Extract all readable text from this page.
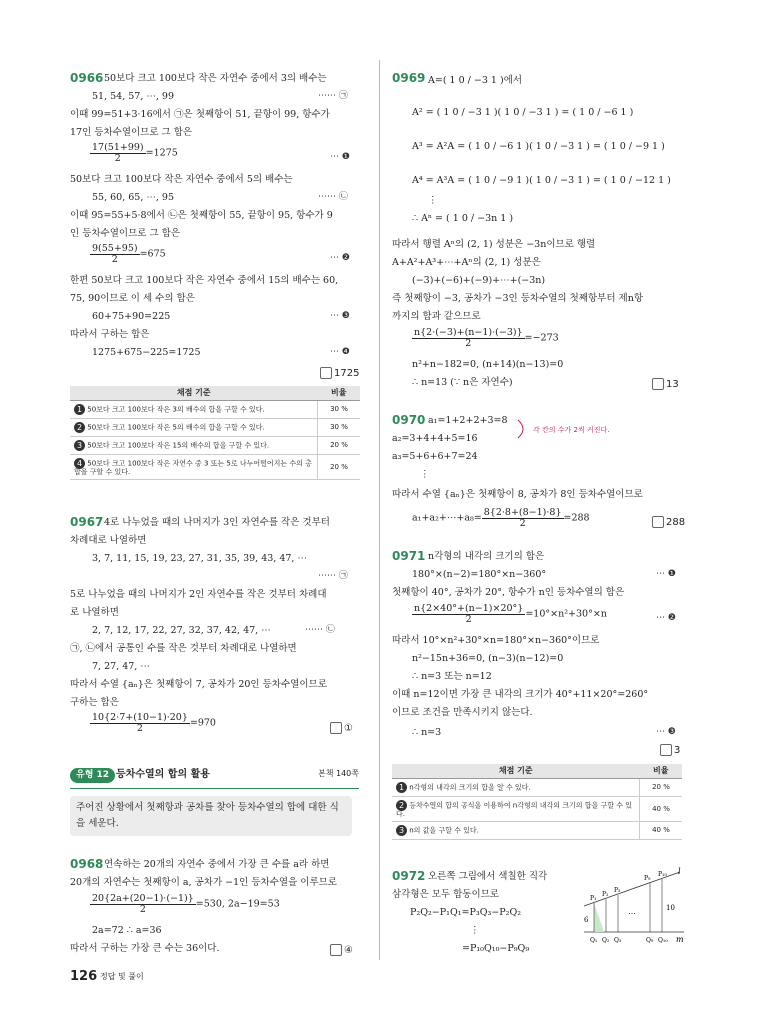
0966 50보다 크고 100보다 작은 자연수 중에서 3의 배수는
51, 54, 57, ⋯, 99	⋯⋯ ㉠
이때 99=51+3·16에서 ㉠은 첫째항이 51, 끝항이 99, 항수가
17인 등차수열이므로 그 합은
$\frac{17(51+99)}{2} =1275$	⋯ ❶
50보다 크고 100보다 작은 자연수 중에서 5의 배수는
55, 60, 65, ⋯, 95	⋯⋯ ㉡
이때 95=55+5·8에서 ㉡은 첫째항이 55, 끝항이 95, 항수가 9
인 등차수열이므로 그 합은
$\frac{9(55+95)}{2} =675$	⋯ ❷
한편 50보다 크고 100보다 작은 자연수 중에서 15의 배수는 60,
75, 90이므로 이 세 수의 합은
60+75+90=225	⋯ ❸
따라서 구하는 합은
1275+675−225=1725	⋯ ❹
1725
채점 기준	비율
1 50보다 크고 100보다 작은 3의 배수의 합을 구할 수 있다.	30 %
2 50보다 크고 100보다 작은 5의 배수의 합을 구할 수 있다.	30 %
3 50보다 크고 100보다 작은 15의 배수의 합을 구할 수 있다.	20 %
4 50보다 크고 100보다 작은 자연수 중 3 또는 5로 나누어떨어지는 수의 총합을 구할 수 있다.	20 %
0967 4로 나누었을 때의 나머지가 3인 자연수를 작은 것부터
차례대로 나열하면
3, 7, 11, 15, 19, 23, 27, 31, 35, 39, 43, 47, ⋯
⋯⋯ ㉠
5로 나누었을 때의 나머지가 2인 자연수를 작은 것부터 차례대
로 나열하면
2, 7, 12, 17, 22, 27, 32, 37, 42, 47, ⋯	⋯⋯ ㉡
㉠, ㉡에서 공통인 수를 작은 것부터 차례대로 나열하면
7, 27, 47, ⋯
따라서 수열 {aₙ}은 첫째항이 7, 공차가 20인 등차수열이므로
구하는 합은
$\frac{10\{2\cdot 7+(10-1)\cdot 20\}}{2} =970$	①
유형 12 등차수열의 합의 활용	본책 140쪽
주어진 상황에서 첫째항과 공차를 찾아 등차수열의 합에 대한 식을 세운다.
0968 연속하는 20개의 자연수 중에서 가장 큰 수를 a라 하면
20개의 자연수는 첫째항이 a, 공차가 −1인 등차수열을 이루므로
$\frac{20\{2a+(20-1)\cdot(-1)\}}{2} =530$, 2a−19=53
2a=72 ∴ a=36
따라서 구하는 가장 큰 수는 36이다.	④
126 정답 및 풀이
0969 A=( 1 0 / −3 1 )에서
A² = ( 1 0 / −3 1 )( 1 0 / −3 1 ) = ( 1 0 / −6 1 )
A³ = A²A = ( 1 0 / −6 1 )( 1 0 / −3 1 ) = ( 1 0 / −9 1 )
A⁴ = A³A = ( 1 0 / −9 1 )( 1 0 / −3 1 ) = ( 1 0 / −12 1 )
⋮
∴ Aⁿ = ( 1 0 / −3n 1 )
따라서 행렬 Aⁿ의 (2, 1) 성분은 −3n이므로 행렬
A+A²+A³+⋯+Aⁿ의 (2, 1) 성분은
(−3)+(−6)+(−9)+⋯+(−3n)
즉 첫째항이 −3, 공차가 −3인 등차수열의 첫째항부터 제n항
까지의 합과 같으므로
$\frac{n\{2\cdot(-3)+(n-1)\cdot(-3)\}}{2} =-273$
n²+n−182=0, (n+14)(n−13)=0
∴ n=13 (∵ n은 자연수)	13
0970 a₁=1+2+2+3=8
각 칸의 수가 2씩 커진다.
a₂=3+4+4+5=16
a₃=5+6+6+7=24
⋮
따라서 수열 {aₙ}은 첫째항이 8, 공차가 8인 등차수열이므로
a₁+a₂+⋯+a₈= $\frac{8\{2\cdot 8+(8-1)\cdot 8\}}{2} =288$	288
0971 n각형의 내각의 크기의 합은
180°×(n−2)=180°×n−360°	⋯ ❶
첫째항이 40°, 공차가 20°, 항수가 n인 등차수열의 합은
$\frac{n\{2\times 40^\circ+(n-1)\times 20^\circ\}}{2} =10^\circ\times n^2+30^\circ\times n$	⋯ ❷
따라서 10°×n²+30°×n=180°×n−360°이므로
n²−15n+36=0, (n−3)(n−12)=0
∴ n=3 또는 n=12
이때 n=12이면 가장 큰 내각의 크기가 40°+11×20°=260°
이므로 조건을 만족시키지 않는다.
∴ n=3	⋯ ❸
3
채점 기준	비율
1 n각형의 내각의 크기의 합을 알 수 있다.	20 %
2 등차수열의 합의 공식을 이용하여 n각형의 내각의 크기의 합을 구할 수 있다.	40 %
3 n의 값을 구할 수 있다.	40 %
0972 오른쪽 그림에서 색칠한 직각
삼각형은 모두 합동이므로
P₂Q₂−P₁Q₁=P₃Q₃−P₂Q₂
⋮
=P₁₀Q₁₀−P₉Q₉
l
m
P₁
P₂
P₃
P₉
P₁₀
Q₁ Q₂ Q₃	Q₉ Q₁₀
⋯
6
10
